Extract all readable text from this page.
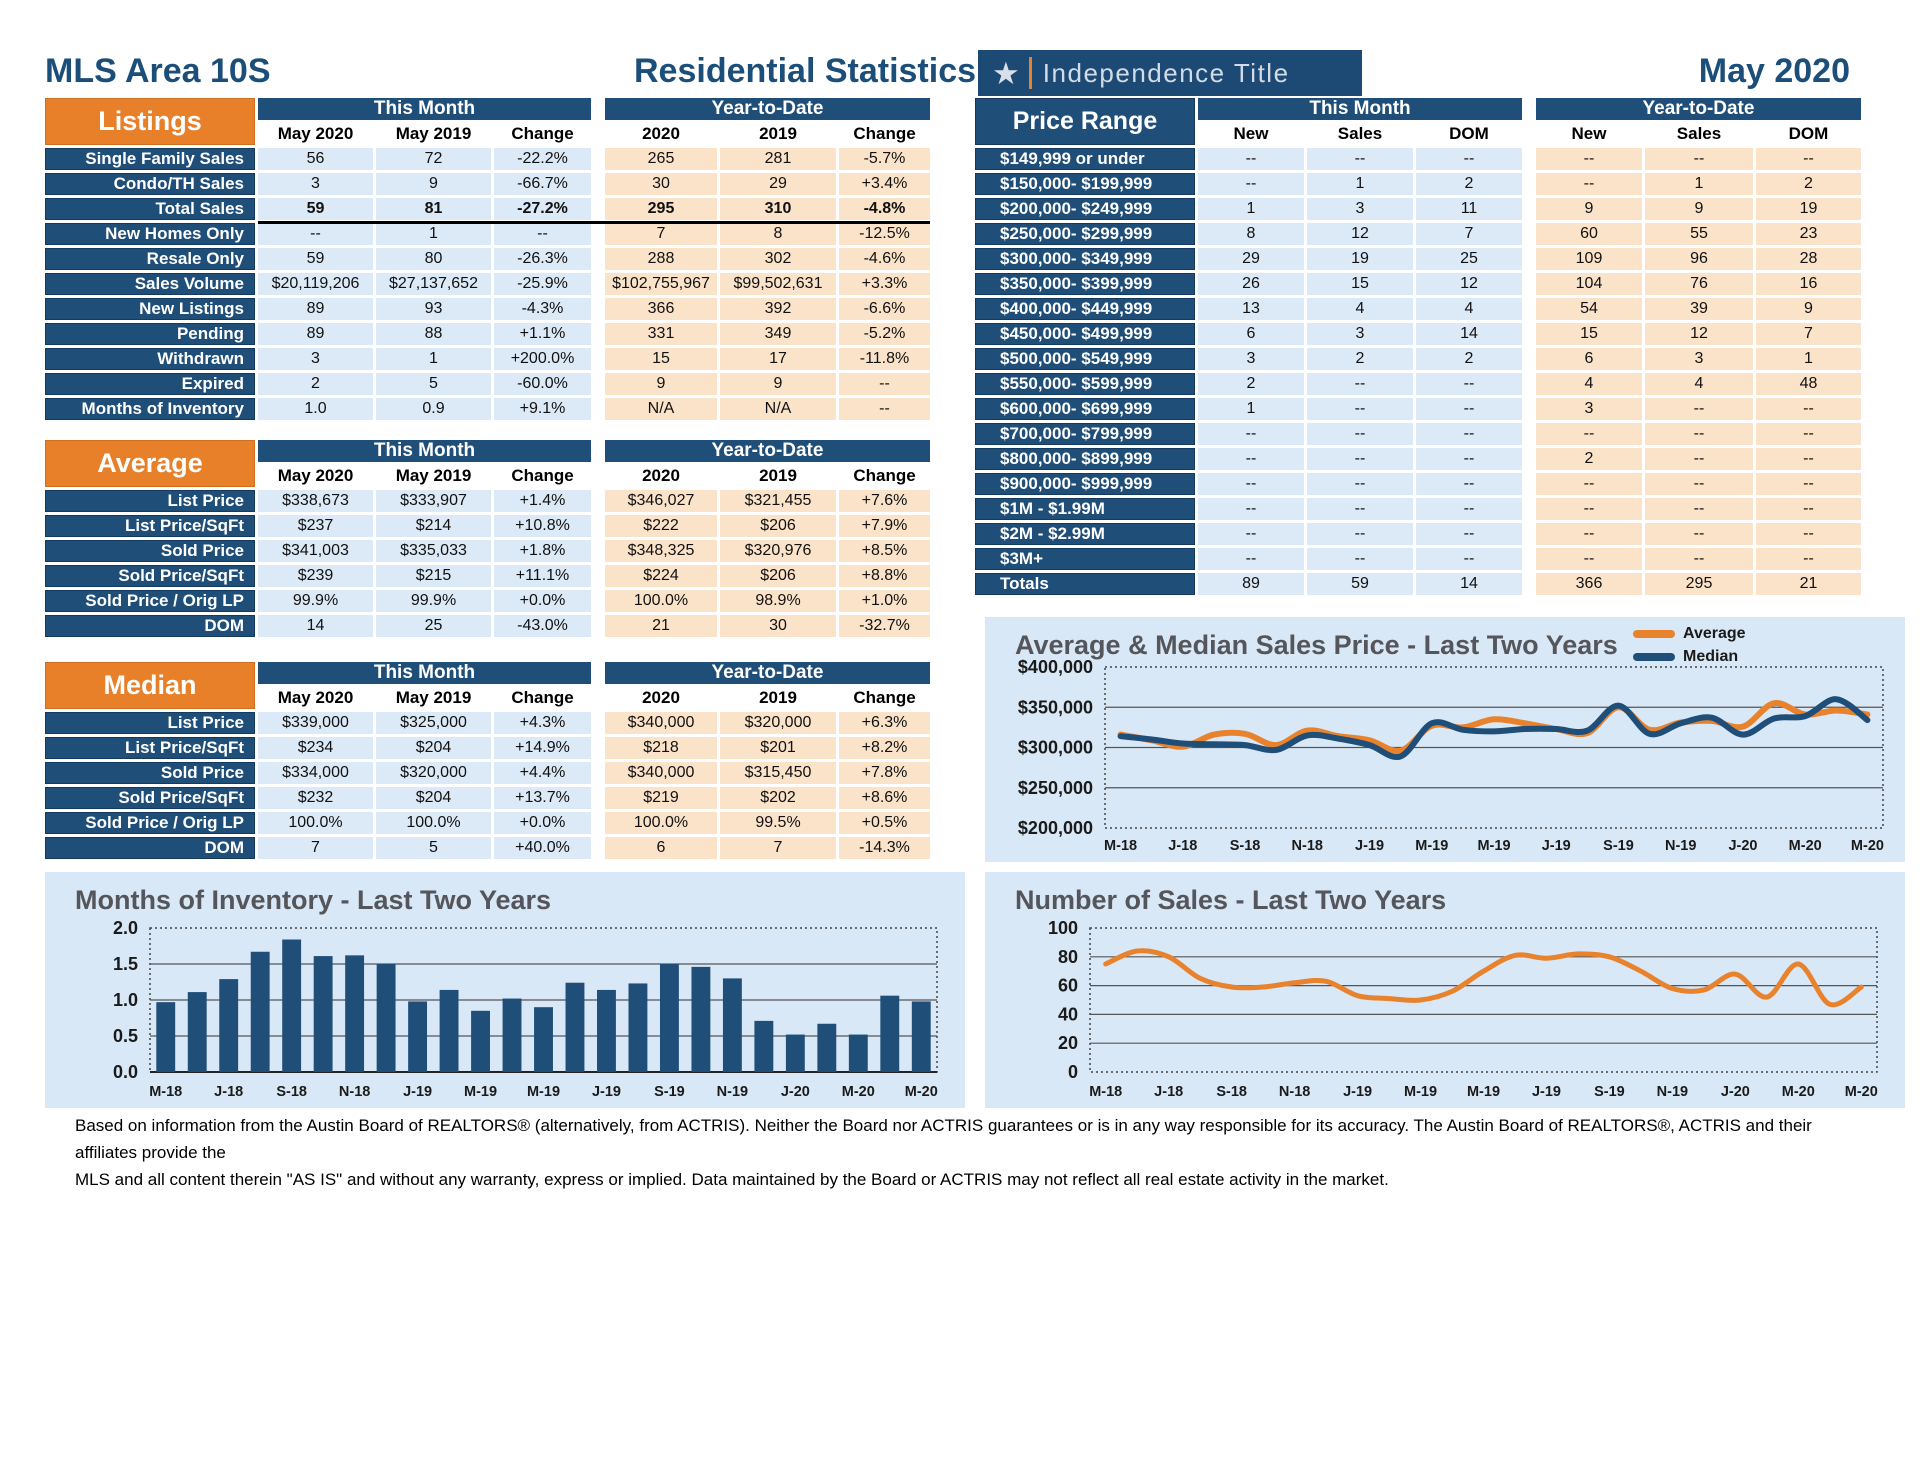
MLS Area 10S	Residential Statistics ★ Independence Title	May 2020
Listings	This Month	Year-to-Date
May 2020	May 2019	Change	2020	2019	Change
Single Family Sales	56	72	-22.2%	265	281	-5.7%
Condo/TH Sales	3	9	-66.7%	30	29	+3.4%
Total Sales	59	81	-27.2%	295	310	-4.8%
New Homes Only	--	1	--	7	8	-12.5%
Resale Only	59	80	-26.3%	288	302	-4.6%
Sales Volume	$20,119,206	$27,137,652	-25.9%	$102,755,967	$99,502,631	+3.3%
New Listings	89	93	-4.3%	366	392	-6.6%
Pending	89	88	+1.1%	331	349	-5.2%
Withdrawn	3	1	+200.0%	15	17	-11.8%
Expired	2	5	-60.0%	9	9	--
Months of Inventory	1.0	0.9	+9.1%	N/A	N/A	--
Average	This Month	Year-to-Date
May 2020	May 2019	Change	2020	2019	Change
List Price	$338,673	$333,907	+1.4%	$346,027	$321,455	+7.6%
List Price/SqFt	$237	$214	+10.8%	$222	$206	+7.9%
Sold Price	$341,003	$335,033	+1.8%	$348,325	$320,976	+8.5%
Sold Price/SqFt	$239	$215	+11.1%	$224	$206	+8.8%
Sold Price / Orig LP	99.9%	99.9%	+0.0%	100.0%	98.9%	+1.0%
DOM	14	25	-43.0%	21	30	-32.7%
Median	This Month	Year-to-Date
May 2020	May 2019	Change	2020	2019	Change
List Price	$339,000	$325,000	+4.3%	$340,000	$320,000	+6.3%
List Price/SqFt	$234	$204	+14.9%	$218	$201	+8.2%
Sold Price	$334,000	$320,000	+4.4%	$340,000	$315,450	+7.8%
Sold Price/SqFt	$232	$204	+13.7%	$219	$202	+8.6%
Sold Price / Orig LP	100.0%	100.0%	+0.0%	100.0%	99.5%	+0.5%
DOM	7	5	+40.0%	6	7	-14.3%
Price Range	This Month	Year-to-Date
New	Sales	DOM	New	Sales	DOM
$149,999 or under	--	--	--	--	--	--
$150,000- $199,999	--	1	2	--	1	2
$200,000- $249,999	1	3	11	9	9	19
$250,000- $299,999	8	12	7	60	55	23
$300,000- $349,999	29	19	25	109	96	28
$350,000- $399,999	26	15	12	104	76	16
$400,000- $449,999	13	4	4	54	39	9
$450,000- $499,999	6	3	14	15	12	7
$500,000- $549,999	3	2	2	6	3	1
$550,000- $599,999	2	--	--	4	4	48
$600,000- $699,999	1	--	--	3	--	--
$700,000- $799,999	--	--	--	--	--	--
$800,000- $899,999	--	--	--	2	--	--
$900,000- $999,999	--	--	--	--	--	--
$1M - $1.99M	--	--	--	--	--	--
$2M - $2.99M	--	--	--	--	--	--
$3M+	--	--	--	--	--	--
Totals	89	59	14	366	295	21
$200,000
$250,000
$300,000
$350,000
$400,000
M-18 J-18 S-18 N-18 J-19 M-19 M-19 J-19 S-19 N-19 J-20 M-20 M-20
Average & Median Sales Price - Last Two Years	Average
Median
0.0
0.5
1.0
1.5
2.0
M-18 J-18 S-18 N-18 J-19 M-19 M-19 J-19 S-19 N-19 J-20 M-20 M-20
Months of Inventory - Last Two Years
0
20
40
60
80
100
M-18 J-18 S-18 N-18 J-19 M-19 M-19 J-19 S-19 N-19 J-20 M-20 M-20
Number of Sales - Last Two Years
Based on information from the Austin Board of REALTORS® (alternatively, from ACTRIS). Neither the Board nor ACTRIS guarantees or is in any way responsible for its accuracy. The Austin Board of REALTORS®, ACTRIS and their affiliates provide the
MLS and all content therein "AS IS" and without any warranty, express or implied. Data maintained by the Board or ACTRIS may not reflect all real estate activity in the market.
